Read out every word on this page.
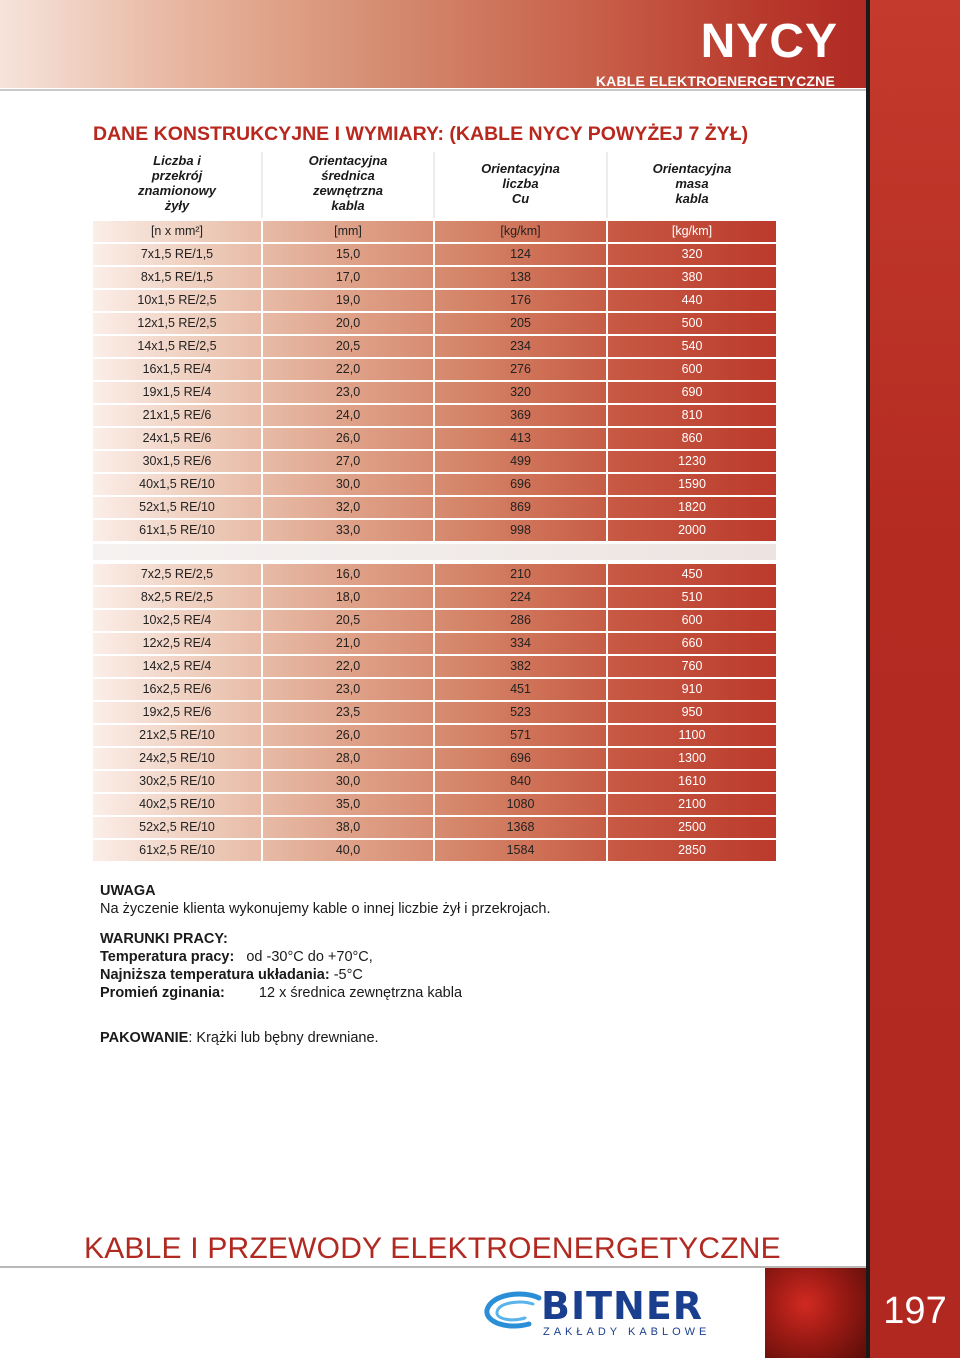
NYCY
KABLE ELEKTROENERGETYCZNE
DANE KONSTRUKCYJNE I WYMIARY: (KABLE NYCY POWYŻEJ 7 ŻYŁ)
Liczba i
przekrój
znamionowy
żyły
Orientacyjna
średnica
zewnętrzna
kabla
Orientacyjna
liczba
Cu
Orientacyjna
masa
kabla
[n x mm²]	[mm]	[kg/km]	[kg/km]
7x1,5 RE/1,5	15,0	124	320
8x1,5 RE/1,5	17,0	138	380
10x1,5 RE/2,5	19,0	176	440
12x1,5 RE/2,5	20,0	205	500
14x1,5 RE/2,5	20,5	234	540
16x1,5 RE/4	22,0	276	600
19x1,5 RE/4	23,0	320	690
21x1,5 RE/6	24,0	369	810
24x1,5 RE/6	26,0	413	860
30x1,5 RE/6	27,0	499	1230
40x1,5 RE/10	30,0	696	1590
52x1,5 RE/10	32,0	869	1820
61x1,5 RE/10	33,0	998	2000
7x2,5 RE/2,5	16,0	210	450
8x2,5 RE/2,5	18,0	224	510
10x2,5 RE/4	20,5	286	600
12x2,5 RE/4	21,0	334	660
14x2,5 RE/4	22,0	382	760
16x2,5 RE/6	23,0	451	910
19x2,5 RE/6	23,5	523	950
21x2,5 RE/10	26,0	571	1100
24x2,5 RE/10	28,0	696	1300
30x2,5 RE/10	30,0	840	1610
40x2,5 RE/10	35,0	1080	2100
52x2,5 RE/10	38,0	1368	2500
61x2,5 RE/10	40,0	1584	2850
UWAGA
Na życzenie klienta wykonujemy kable o innej liczbie żył i przekrojach.
WARUNKI PRACY:
Temperatura pracy: od -30°C do +70°C,
Najniższa temperatura układania: -5°C
Promień zginania: 12 x średnica zewnętrzna kabla
PAKOWANIE: Krążki lub bębny drewniane.
KABLE I PRZEWODY ELEKTROENERGETYCZNE
BITNER
ZAKŁADY KABLOWE	197
